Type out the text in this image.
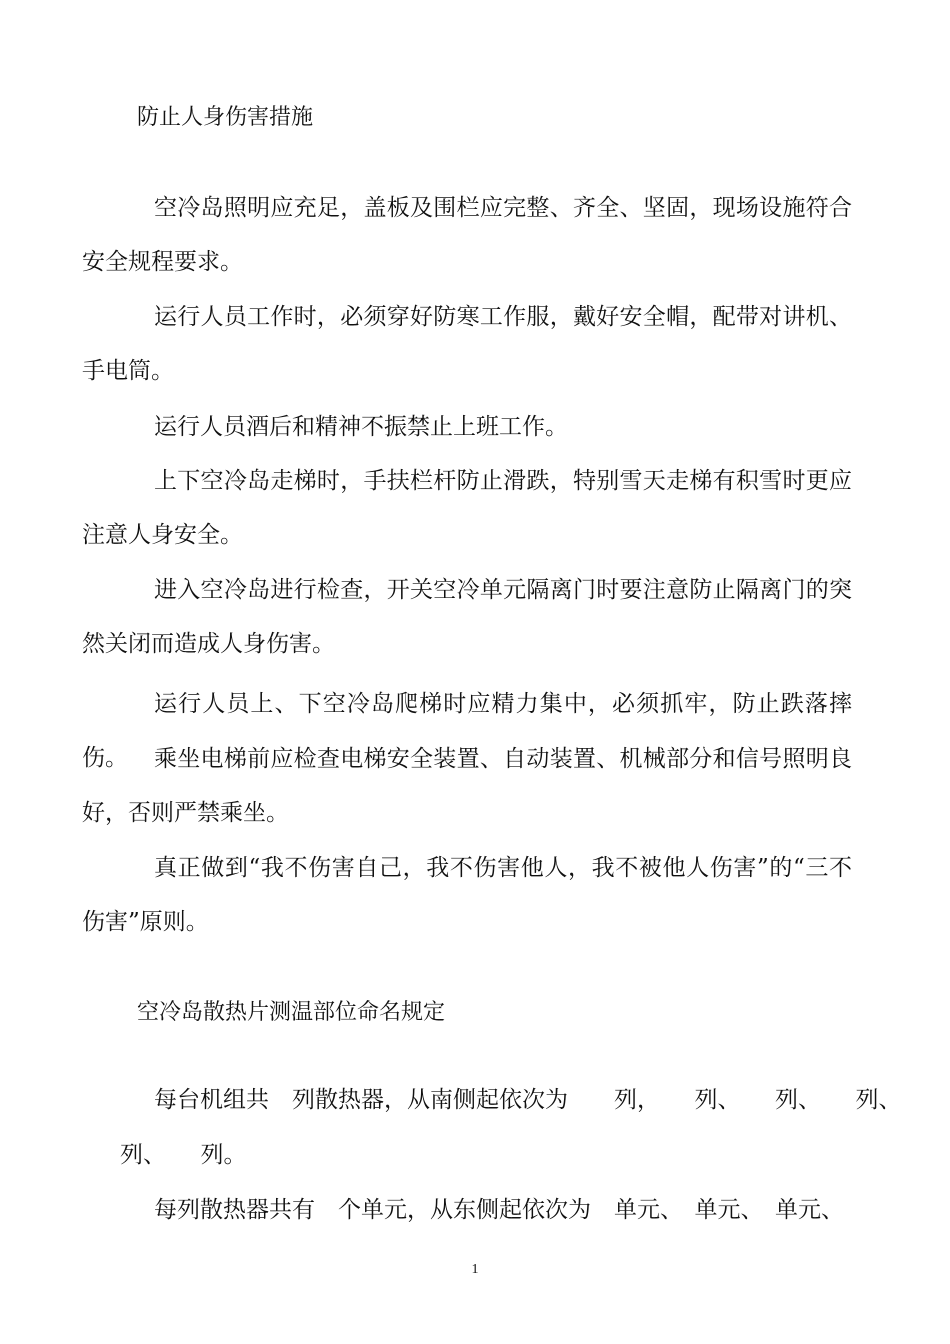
防止人身伤害措施

空冷岛照明应充足，盖板及围栏应完整、齐全、坚固，现场设施符合安全规程要求。

运行人员工作时，必须穿好防寒工作服，戴好安全帽，配带对讲机、手电筒。

运行人员酒后和精神不振禁止上班工作。

上下空冷岛走梯时，手扶栏杆防止滑跌，特别雪天走梯有积雪时更应注意人身安全。

进入空冷岛进行检查，开关空冷单元隔离门时要注意防止隔离门的突然关闭而造成人身伤害。

运行人员上、下空冷岛爬梯时应精力集中，必须抓牢，防止跌落摔伤。	乘坐电梯前应检查电梯安全装置、自动装置、机械部分和信号照明良好，否则严禁乘坐。

真正做到“我不伤害自己，我不伤害他人，我不被他人伤害”的“三不伤害”原则。

空冷岛散热片测温部位命名规定
每台机组共　列散热器，从南侧起依次为　　列，　　列、　　列、　　列、
列、　　列。
每列散热器共有　个单元，从东侧起依次为　单元、　单元、　单元、
1
